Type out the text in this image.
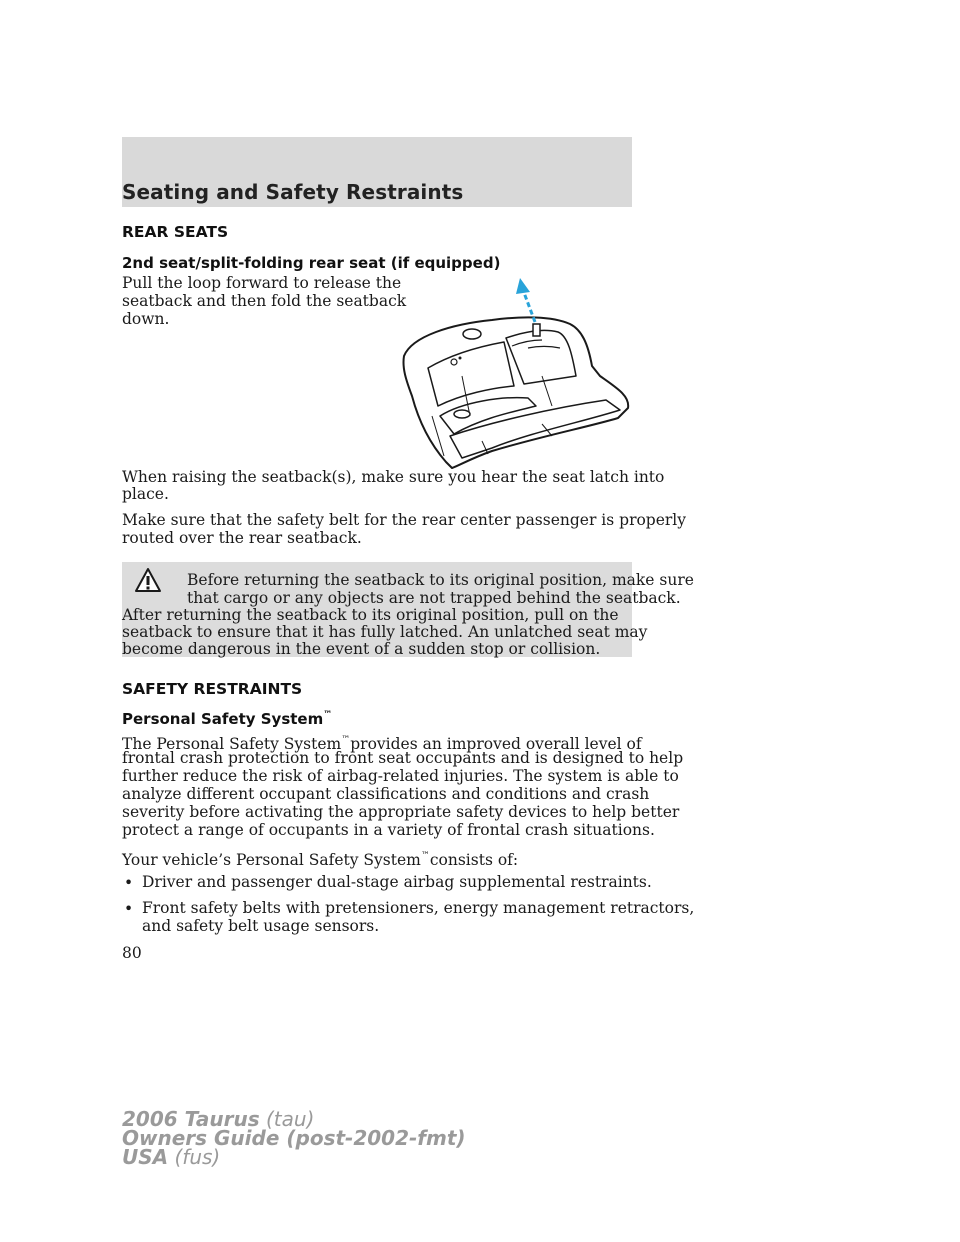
Seating and Safety Restraints
REAR SEATS
2nd seat/split-folding rear seat (if equipped)
Pull the loop forward to release the
seatback and then fold the seatback
down.
When raising the seatback(s), make sure you hear the seat latch into
place.
Make sure that the safety belt for the rear center passenger is properly
routed over the rear seatback.
Before returning the seatback to its original position, make sure
that cargo or any objects are not trapped behind the seatback.
After returning the seatback to its original position, pull on the
seatback to ensure that it has fully latched. An unlatched seat may
become dangerous in the event of a sudden stop or collision.
SAFETY RESTRAINTS
Personal Safety System™
The Personal Safety System™provides an improved overall level of
frontal crash protection to front seat occupants and is designed to help
further reduce the risk of airbag-related injuries. The system is able to
analyze different occupant classifications and conditions and crash
severity before activating the appropriate safety devices to help better
protect a range of occupants in a variety of frontal crash situations.
Your vehicle’s Personal Safety System™consists of:
• Driver and passenger dual-stage airbag supplemental restraints.
• Front safety belts with pretensioners, energy management retractors,
and safety belt usage sensors.
80
2006 Taurus (tau)
Owners Guide (post-2002-fmt)
USA (fus)
